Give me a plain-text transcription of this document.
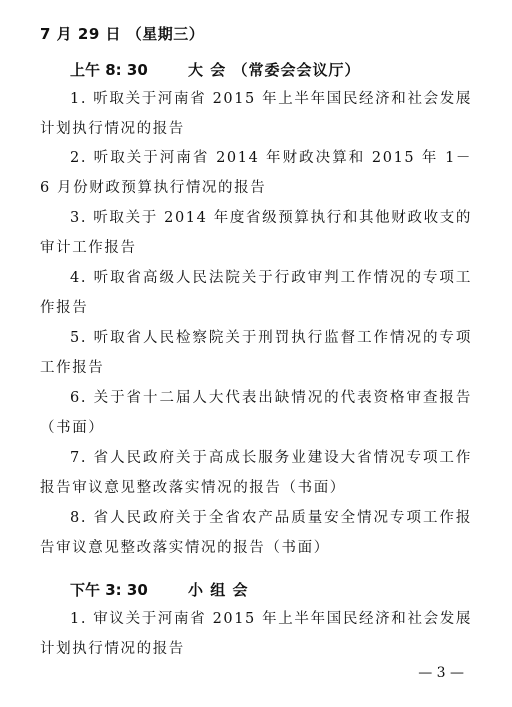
7 月 29 日 （星期三）
上午 8: 30	大 会 （常委会会议厅）
1. 听取关于河南省 2015 年上半年国民经济和社会发展计划执行情况的报告
2. 听取关于河南省 2014 年财政决算和 2015 年 1－6 月份财政预算执行情况的报告
3. 听取关于 2014 年度省级预算执行和其他财政收支的审计工作报告
4. 听取省高级人民法院关于行政审判工作情况的专项工作报告
5. 听取省人民检察院关于刑罚执行监督工作情况的专项工作报告
6. 关于省十二届人大代表出缺情况的代表资格审查报告（书面）
7. 省人民政府关于高成长服务业建设大省情况专项工作报告审议意见整改落实情况的报告（书面）
8. 省人民政府关于全省农产品质量安全情况专项工作报告审议意见整改落实情况的报告（书面）
下午 3: 30	小 组 会
1. 审议关于河南省 2015 年上半年国民经济和社会发展计划执行情况的报告
— 3 —
